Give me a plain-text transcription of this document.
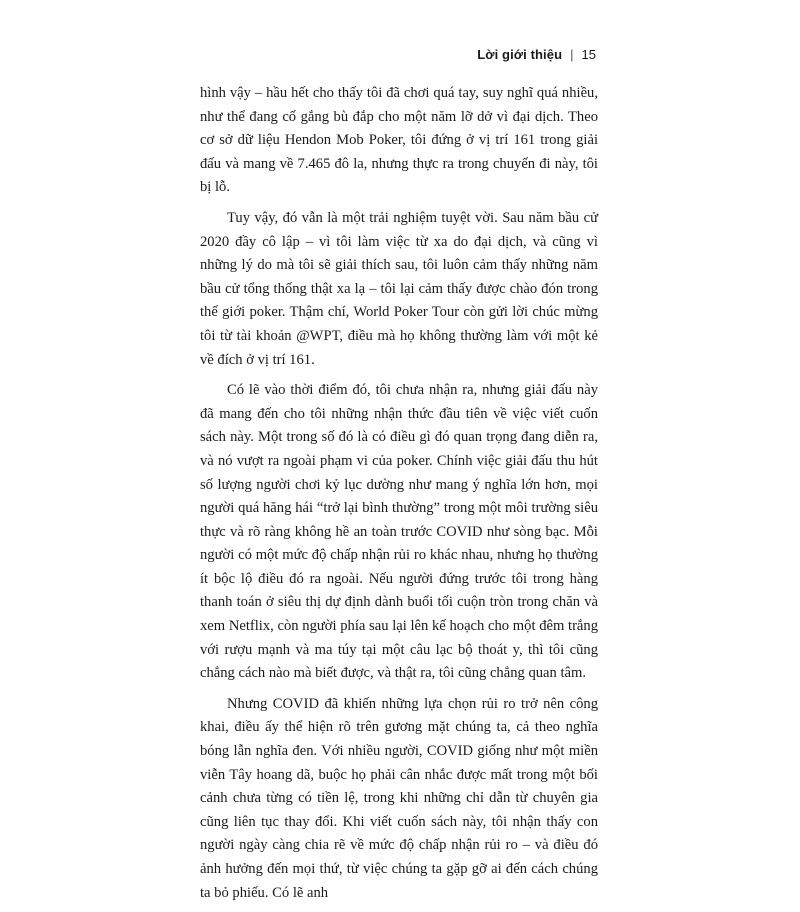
Lời giới thiệu | 15

hình vậy – hầu hết cho thấy tôi đã chơi quá tay, suy nghĩ quá nhiều, như thể đang cố gắng bù đắp cho một năm lỡ dở vì đại dịch. Theo cơ sở dữ liệu Hendon Mob Poker, tôi đứng ở vị trí 161 trong giải đấu và mang về 7.465 đô la, nhưng thực ra trong chuyến đi này, tôi bị lỗ.

Tuy vậy, đó vẫn là một trải nghiệm tuyệt vời. Sau năm bầu cử 2020 đầy cô lập – vì tôi làm việc từ xa do đại dịch, và cũng vì những lý do mà tôi sẽ giải thích sau, tôi luôn cảm thấy những năm bầu cử tổng thống thật xa lạ – tôi lại cảm thấy được chào đón trong thế giới poker. Thậm chí, World Poker Tour còn gửi lời chúc mừng tôi từ tài khoản @WPT, điều mà họ không thường làm với một kẻ về đích ở vị trí 161.

Có lẽ vào thời điểm đó, tôi chưa nhận ra, nhưng giải đấu này đã mang đến cho tôi những nhận thức đầu tiên về việc viết cuốn sách này. Một trong số đó là có điều gì đó quan trọng đang diễn ra, và nó vượt ra ngoài phạm vi của poker. Chính việc giải đấu thu hút số lượng người chơi kỷ lục dường như mang ý nghĩa lớn hơn, mọi người quá hăng hái “trở lại bình thường” trong một môi trường siêu thực và rõ ràng không hề an toàn trước COVID như sòng bạc. Mỗi người có một mức độ chấp nhận rủi ro khác nhau, nhưng họ thường ít bộc lộ điều đó ra ngoài. Nếu người đứng trước tôi trong hàng thanh toán ở siêu thị dự định dành buổi tối cuộn tròn trong chăn và xem Netflix, còn người phía sau lại lên kế hoạch cho một đêm trắng với rượu mạnh và ma túy tại một câu lạc bộ thoát y, thì tôi cũng chẳng cách nào mà biết được, và thật ra, tôi cũng chẳng quan tâm.

Nhưng COVID đã khiến những lựa chọn rủi ro trở nên công khai, điều ấy thể hiện rõ trên gương mặt chúng ta, cả theo nghĩa bóng lẫn nghĩa đen. Với nhiều người, COVID giống như một miền viễn Tây hoang dã, buộc họ phải cân nhắc được mất trong một bối cảnh chưa từng có tiền lệ, trong khi những chỉ dẫn từ chuyên gia cũng liên tục thay đổi. Khi viết cuốn sách này, tôi nhận thấy con người ngày càng chia rẽ về mức độ chấp nhận rủi ro – và điều đó ảnh hưởng đến mọi thứ, từ việc chúng ta gặp gỡ ai đến cách chúng ta bỏ phiếu. Có lẽ anh
